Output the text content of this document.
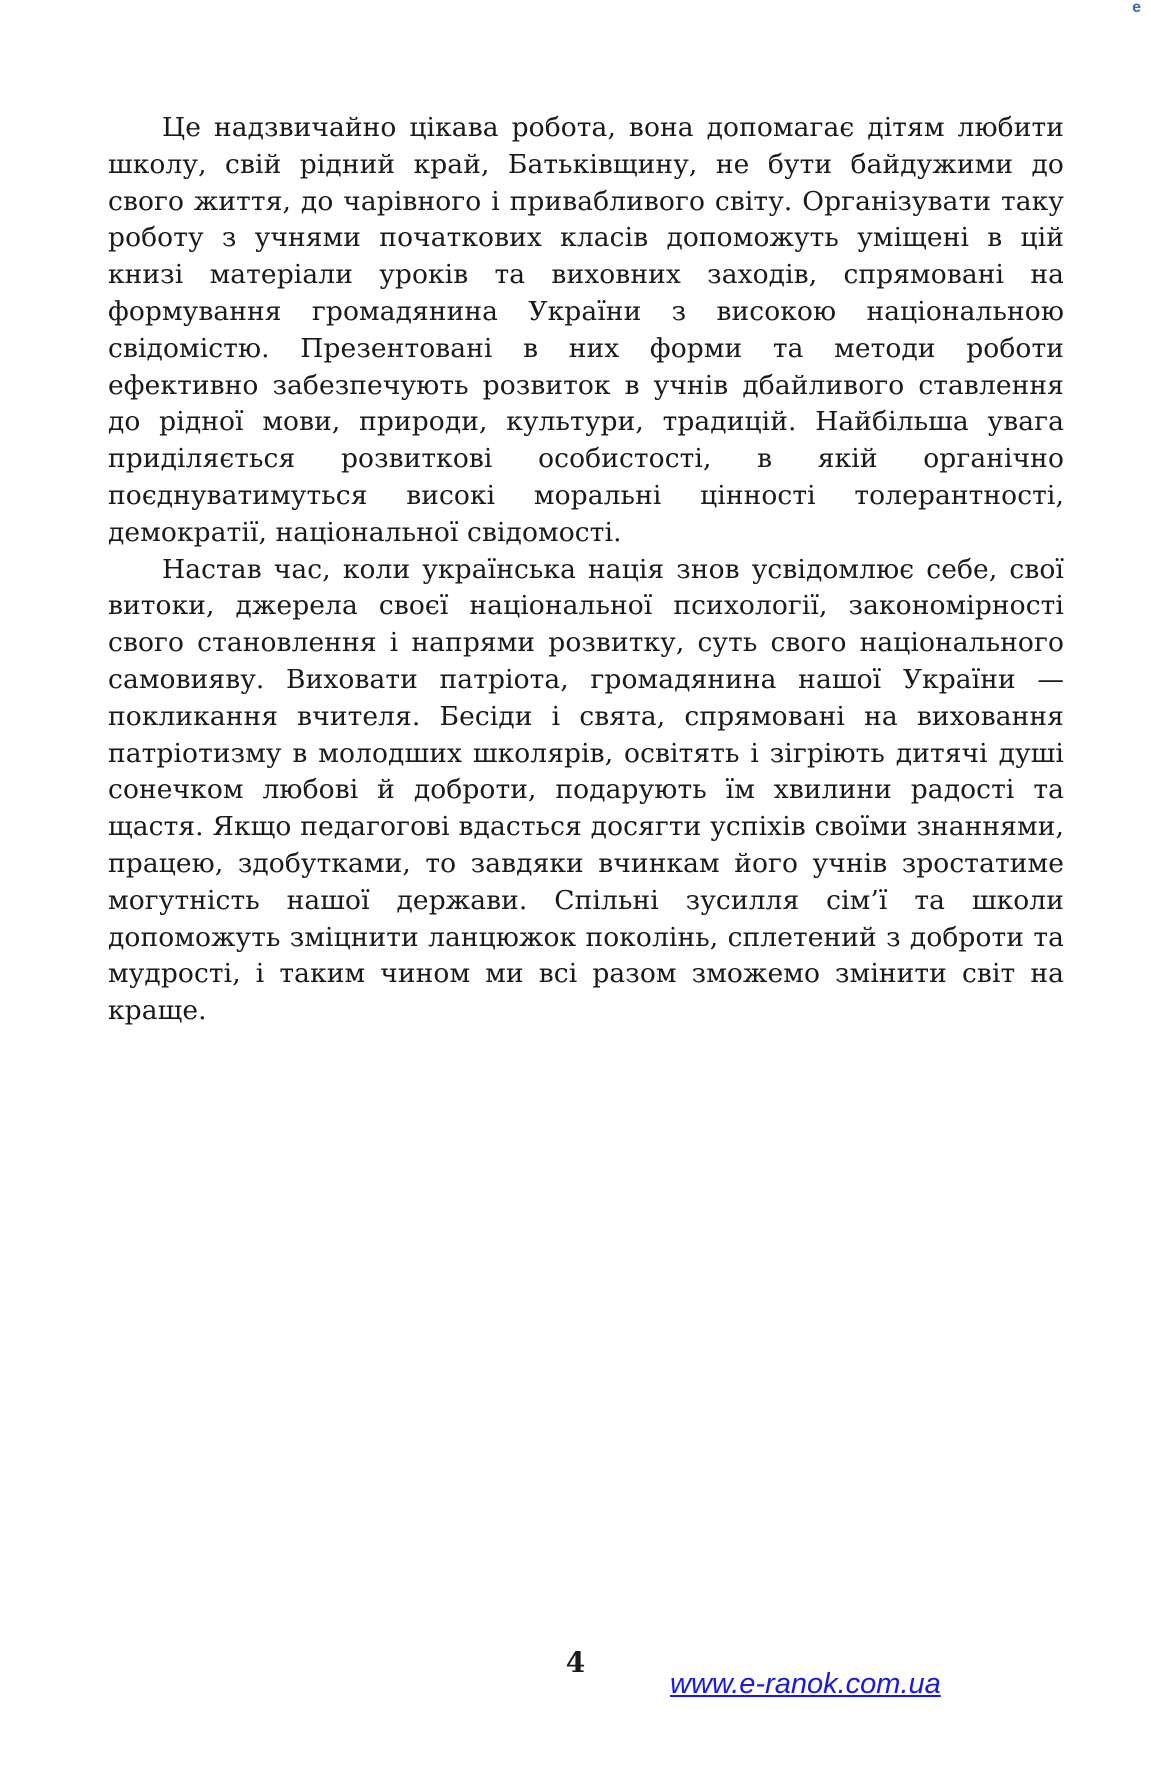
e

Це надзвичайно цікава робота, вона допомагає дітям любити школу, свій рідний край, Батьківщину, не бути байдужими до свого життя, до чарівного і привабливого світу. Організувати таку роботу з учнями початкових класів допоможуть уміщені в цій книзі матеріали уроків та виховних заходів, спрямовані на формування громадянина України з високою національною свідомістю. Презентовані в них форми та методи роботи ефективно забезпечують розвиток в учнів дбайливого ставлення до рідної мови, природи, культури, традицій. Найбільша увага приділяється розвиткові особистості, в якій органічно поєднуватимуться високі моральні цінності толерантності, демократії, національної свідомості.

Настав час, коли українська нація знов усвідомлює себе, свої витоки, джерела своєї національної психології, закономірності свого становлення і напрями розвитку, суть свого національного самовияву. Виховати патріота, громадянина нашої України — покликання вчителя. Бесіди і свята, спрямовані на виховання патріотизму в молодших школярів, освітять і зігріють дитячі душі сонечком любові й доброти, подарують їм хвилини радості та щастя. Якщо педагогові вдасться досягти успіхів своїми знаннями, працею, здобутками, то завдяки вчинкам його учнів зростатиме могутність нашої держави. Спільні зусилля сім’ї та школи допоможуть зміцнити ланцюжок поколінь, сплетений з доброти та мудрості, і таким чином ми всі разом зможемо змінити світ на краще.

4
www.e-ranok.com.ua
